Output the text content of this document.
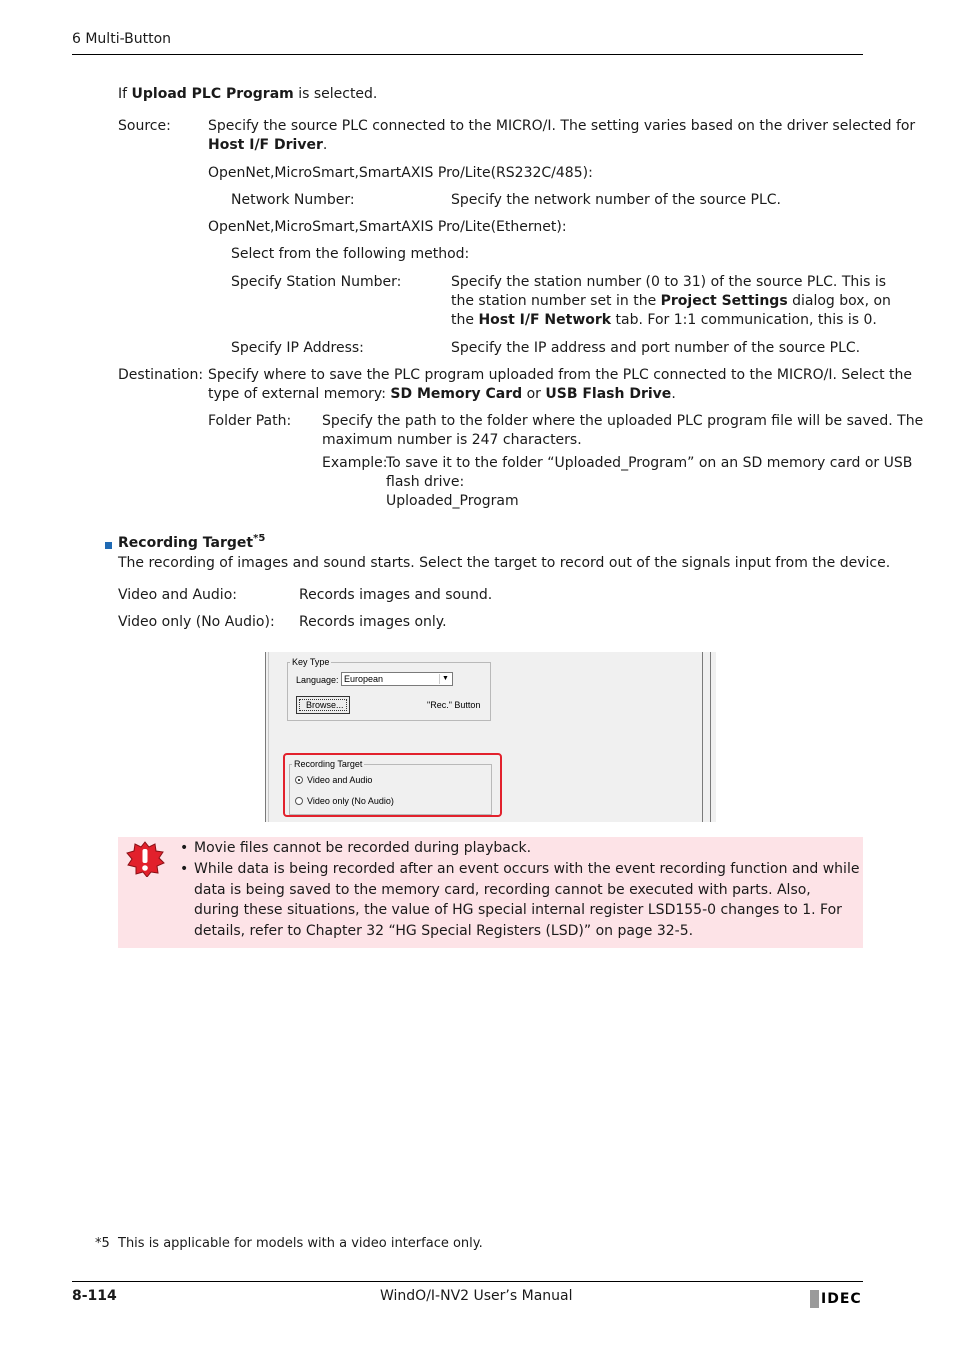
6 Multi-Button
If Upload PLC Program is selected.
Source:	Specify the source PLC connected to the MICRO/I. The setting varies based on the driver selected for
Host I/F Driver.
OpenNet,MicroSmart,SmartAXIS Pro/Lite(RS232C/485):
Network Number:	Specify the network number of the source PLC.
OpenNet,MicroSmart,SmartAXIS Pro/Lite(Ethernet):
Select from the following method:
Specify Station Number:	Specify the station number (0 to 31) of the source PLC. This is
the station number set in the Project Settings dialog box, on
the Host I/F Network tab. For 1:1 communication, this is 0.
Specify IP Address:	Specify the IP address and port number of the source PLC.
Destination: Specify where to save the PLC program uploaded from the PLC connected to the MICRO/I. Select the
type of external memory: SD Memory Card or USB Flash Drive.
Folder Path: Specify the path to the folder where the uploaded PLC program file will be saved. The
maximum number is 247 characters.
Example:
To save it to the folder “Uploaded_Program” on an SD memory card or USB
flash drive:
Uploaded_Program
Recording Target$^{*5}$
The recording of images and sound starts. Select the target to record out of the signals input from the device.
Video and Audio:	Records images and sound.
Video only (No Audio): Records images only.
Key Type
Language: European	▼
Browse...	"Rec." Button
Recording Target
Video and Audio
Video only (No Audio)
• Movie files cannot be recorded during playback.
• While data is being recorded after an event occurs with the event recording function and while data is being saved to the memory card, recording cannot be executed with parts. Also, during these situations, the value of HG special internal register LSD155-0 changes to 1. For details, refer to Chapter 32 “HG Special Registers (LSD)” on page 32-5.
*5 This is applicable for models with a video interface only.
8-114	WindO/I-NV2 User’s Manual	IDEC
